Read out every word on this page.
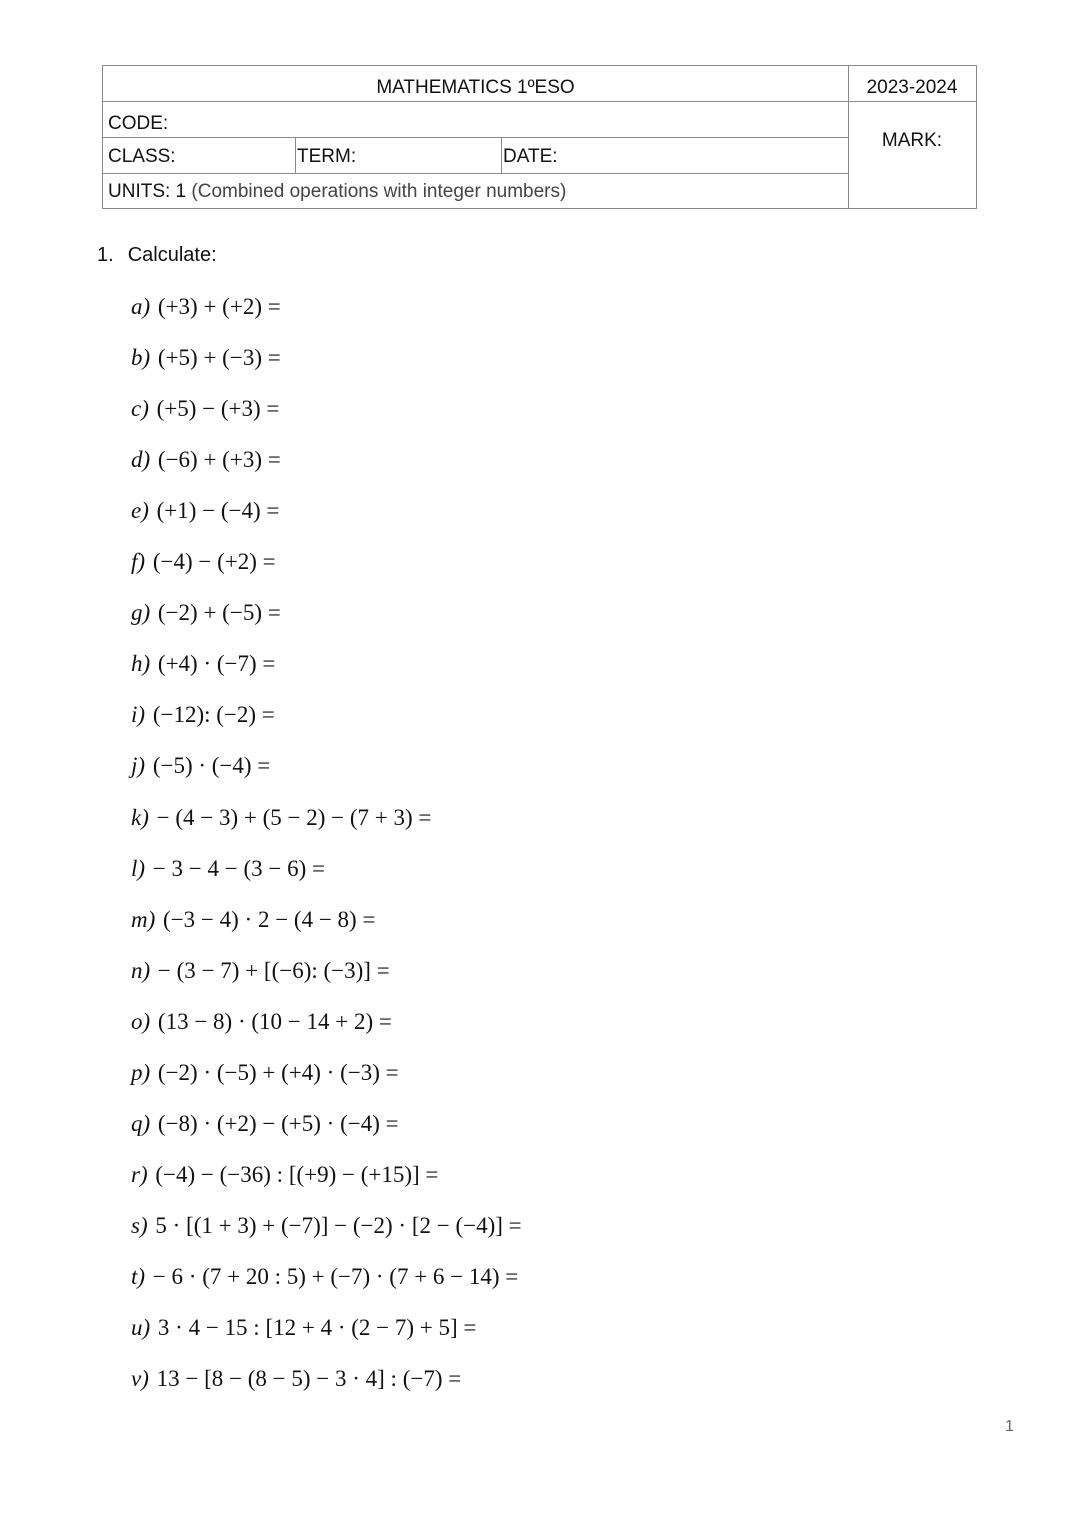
MATHEMATICS 1ºESO	2023-2024
CODE:
CLASS:	TERM:	DATE:
MARK:
UNITS: 1 (Combined operations with integer numbers)
1. Calculate:
a) (+3) + (+2) =
b) (+5) + (−3) =
c) (+5) − (+3) =
d) (−6) + (+3) =
e) (+1) − (−4) =
f) (−4) − (+2) =
g) (−2) + (−5) =
h) (+4) · (−7) =
i) (−12): (−2) =
j) (−5) · (−4) =
k) − (4 − 3) + (5 − 2) − (7 + 3) =
l) − 3 − 4 − (3 − 6) =
m) (−3 − 4) · 2 − (4 − 8) =
n) − (3 − 7) + [(−6): (−3)] =
o) (13 − 8) · (10 − 14 + 2) =
p) (−2) · (−5) + (+4) · (−3) =
q) (−8) · (+2) − (+5) · (−4) =
r) (−4) − (−36) : [(+9) − (+15)] =
s) 5 · [(1 + 3) + (−7)] − (−2) · [2 − (−4)] =
t) − 6 · (7 + 20 : 5) + (−7) · (7 + 6 − 14) =
u) 3 · 4 − 15 : [12 + 4 · (2 − 7) + 5] =
v) 13 − [8 − (8 − 5) − 3 · 4] : (−7) =
1
